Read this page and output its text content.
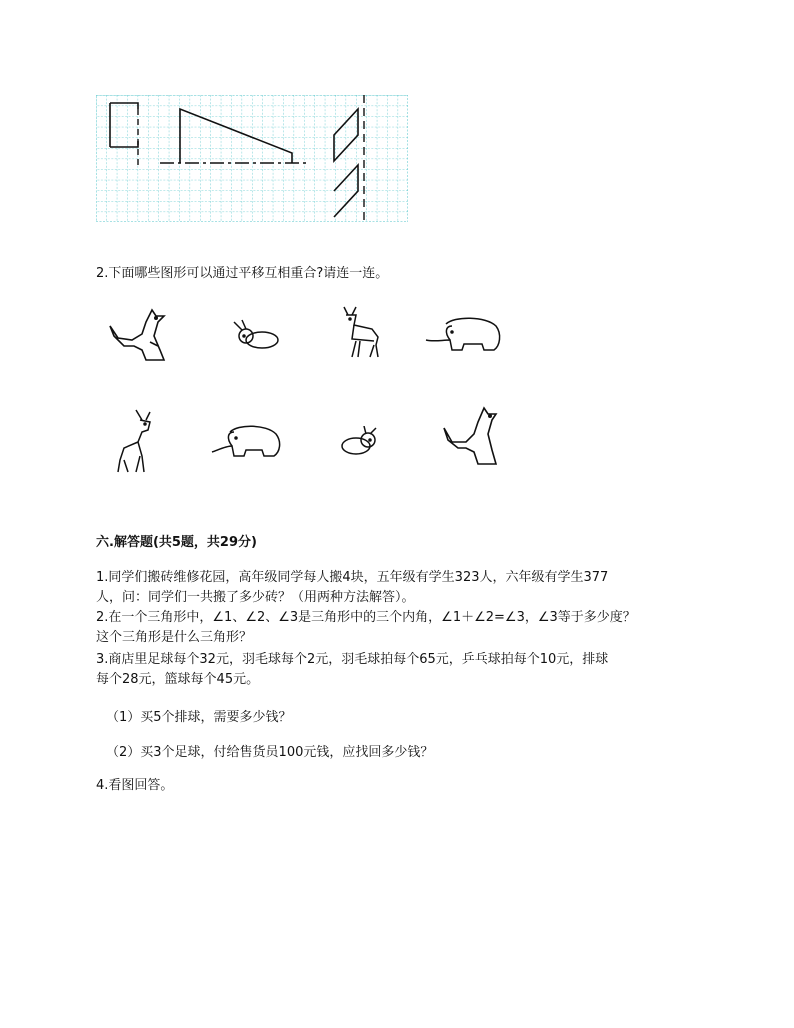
2.下面哪些图形可以通过平移互相重合?请连一连。
六.解答题(共5题，共29分)
1.同学们搬砖维修花园，高年级同学每人搬4块，五年级有学生323人，六年级有学生377
人，问：同学们一共搬了多少砖？（用两种方法解答）。
2.在一个三角形中，∠1、∠2、∠3是三角形中的三个内角，∠1＋∠2=∠3，∠3等于多少度？
这个三角形是什么三角形？
3.商店里足球每个32元，羽毛球每个2元，羽毛球拍每个65元，乒乓球拍每个10元，排球
每个28元，篮球每个45元。
（1）买5个排球，需要多少钱？
（2）买3个足球，付给售货员100元钱，应找回多少钱？
4.看图回答。
